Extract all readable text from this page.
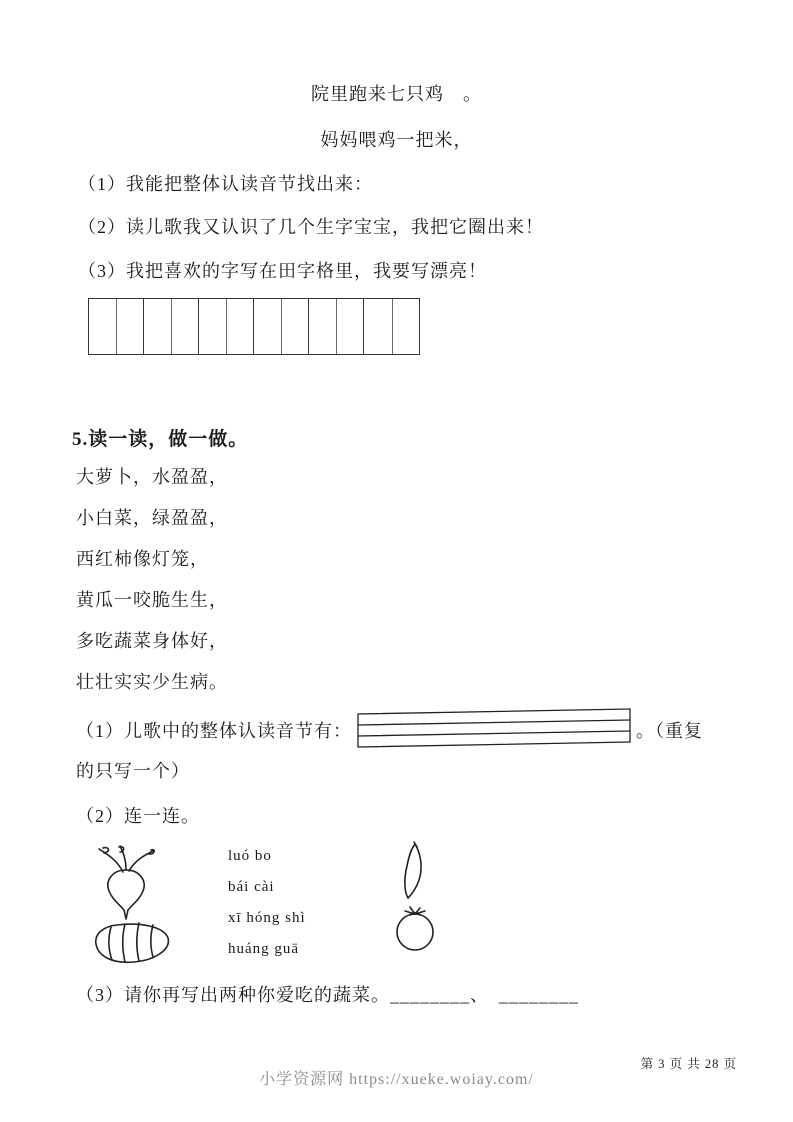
院里跑来七只鸡　。
妈妈喂鸡一把米，
（1）我能把整体认读音节找出来：
（2）读儿歌我又认识了几个生字宝宝，我把它圈出来！
（3）我把喜欢的字写在田字格里，我要写漂亮！
5.读一读，做一做。
大萝卜，水盈盈，
小白菜，绿盈盈，
西红柿像灯笼，
黄瓜一咬脆生生，
多吃蔬菜身体好，
壮壮实实少生病。
（1）儿歌中的整体认读音节有：	。（重复
的只写一个）
（2）连一连。
luó bo
bái cài
xī hóng shì
huáng guā
（3）请你再写出两种你爱吃的蔬菜。________、　________
第 3 页 共 28 页
小学资源网 https://xueke.woiay.com/
